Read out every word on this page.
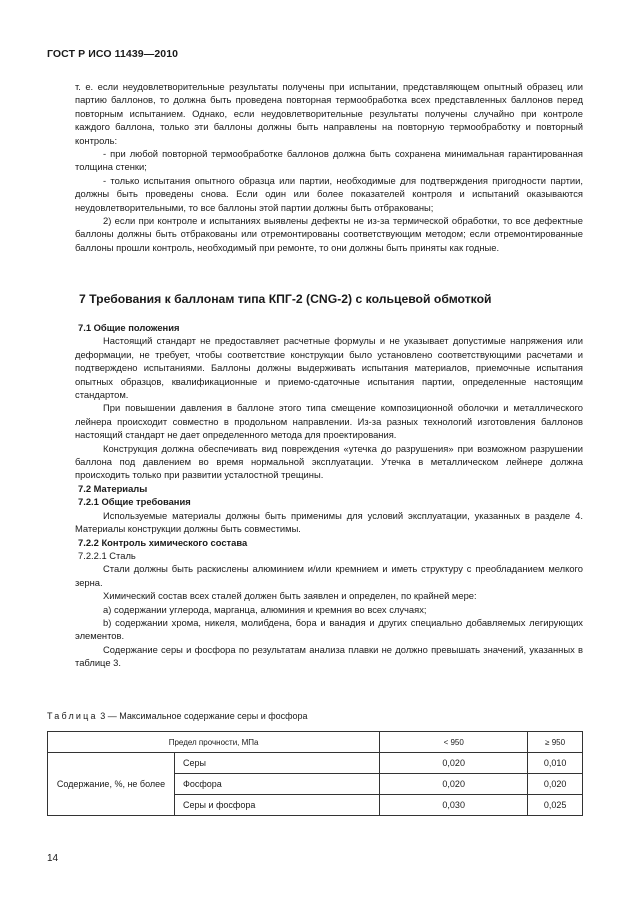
ГОСТ Р ИСО 11439—2010

т. е. если неудовлетворительные результаты получены при испытании, представляющем опытный образец или партию баллонов, то должна быть проведена повторная термообработка всех представленных баллонов перед повторным испытанием. Однако, если неудовлетворительные результаты получены случайно при контроле каждого баллона, только эти баллоны должны быть направлены на повторную термообработку и повторный контроль:

- при любой повторной термообработке баллонов должна быть сохранена минимальная гарантированная толщина стенки;

- только испытания опытного образца или партии, необходимые для подтверждения пригодности партии, должны быть проведены снова. Если один или более показателей контроля и испытаний оказываются неудовлетворительными, то все баллоны этой партии должны быть отбракованы;

2) если при контроле и испытаниях выявлены дефекты не из-за термической обработки, то все дефектные баллоны должны быть отбракованы или отремонтированы соответствующим методом; если отремонтированные баллоны прошли контроль, необходимый при ремонте, то они должны быть приняты как годные.

7 Требования к баллонам типа КПГ-2 (CNG-2) с кольцевой обмоткой

7.1 Общие положения

Настоящий стандарт не предоставляет расчетные формулы и не указывает допустимые напряжения или деформации, не требует, чтобы соответствие конструкции было установлено соответствующими расчетами и подтверждено испытаниями. Баллоны должны выдерживать испытания материалов, приемочные испытания опытных образцов, квалификационные и приемо-сдаточные испытания партии, определенные настоящим стандартом.

При повышении давления в баллоне этого типа смещение композиционной оболочки и металлического лейнера происходит совместно в продольном направлении. Из-за разных технологий изготовления баллонов настоящий стандарт не дает определенного метода для проектирования.

Конструкция должна обеспечивать вид повреждения «утечка до разрушения» при возможном разрушении баллона под давлением во время нормальной эксплуатации. Утечка в металлическом лейнере должна происходить только при развитии усталостной трещины.

7.2 Материалы

7.2.1 Общие требования

Используемые материалы должны быть применимы для условий эксплуатации, указанных в разделе 4. Материалы конструкции должны быть совместимы.

7.2.2 Контроль химического состава

7.2.2.1 Сталь

Стали должны быть раскислены алюминием и/или кремнием и иметь структуру с преобладанием мелкого зерна.

Химический состав всех сталей должен быть заявлен и определен, по крайней мере:

a) содержании углерода, марганца, алюминия и кремния во всех случаях;

b) содержании хрома, никеля, молибдена, бора и ванадия и других специально добавляемых легирующих элементов.

Содержание серы и фосфора по результатам анализа плавки не должно превышать значений, указанных в таблице 3.

Таблица 3 — Максимальное содержание серы и фосфора
Предел прочности, МПа		< 950	≥ 950
Содержание, %, не более	Серы	0,020	0,010
	Фосфора	0,020	0,020
	Серы и фосфора	0,030	0,025
14
